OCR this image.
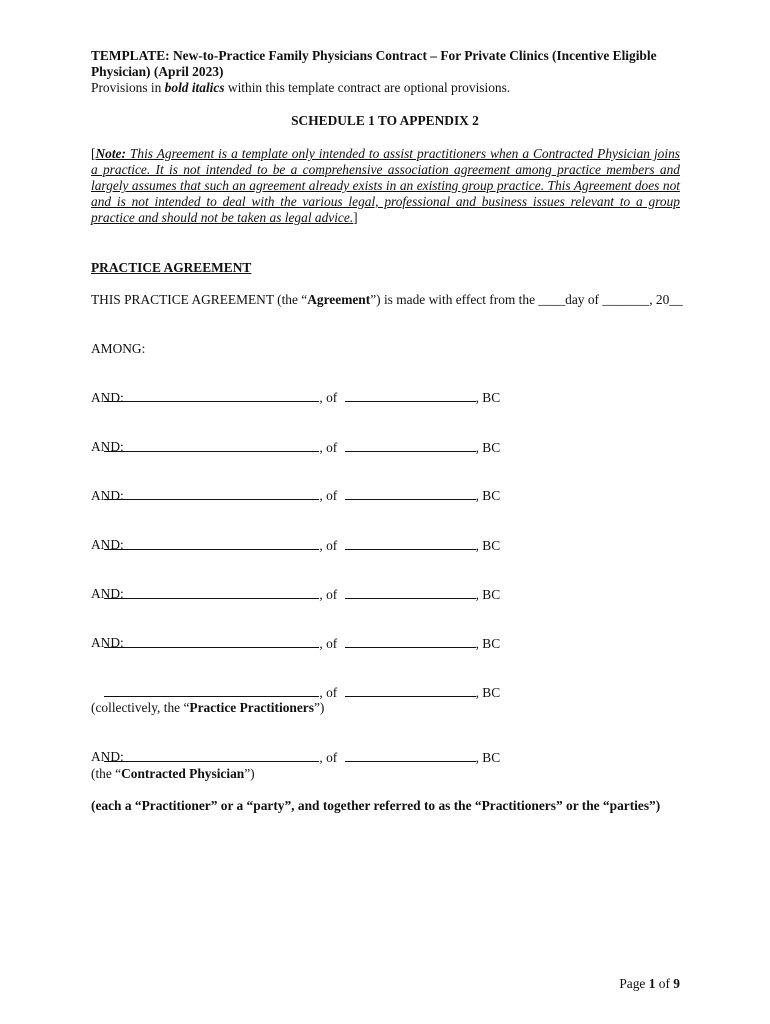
TEMPLATE: New-to-Practice Family Physicians Contract – For Private Clinics (Incentive Eligible Physician) (April 2023)
Provisions in bold italics within this template contract are optional provisions.
SCHEDULE 1 TO APPENDIX 2
[Note: This Agreement is a template only intended to assist practitioners when a Contracted Physician joins a practice. It is not intended to be a comprehensive association agreement among practice members and largely assumes that such an agreement already exists in an existing group practice. This Agreement does not and is not intended to deal with the various legal, professional and business issues relevant to a group practice and should not be taken as legal advice.]
PRACTICE AGREEMENT
THIS PRACTICE AGREEMENT (the “Agreement”) is made with effect from the ____day of _______, 20__
AMONG:

, of	, BC

AND:

, of	, BC

AND:

, of	, BC

AND:

, of	, BC

AND:

, of	, BC

AND:

, of	, BC

AND:

, of	, BC

(collectively, the “Practice Practitioners”)

, of	, BC

AND:
(the “Contracted Physician”)
(each a “Practitioner” or a “party”, and together referred to as the “Practitioners” or the “parties”)
Page 1 of 9
